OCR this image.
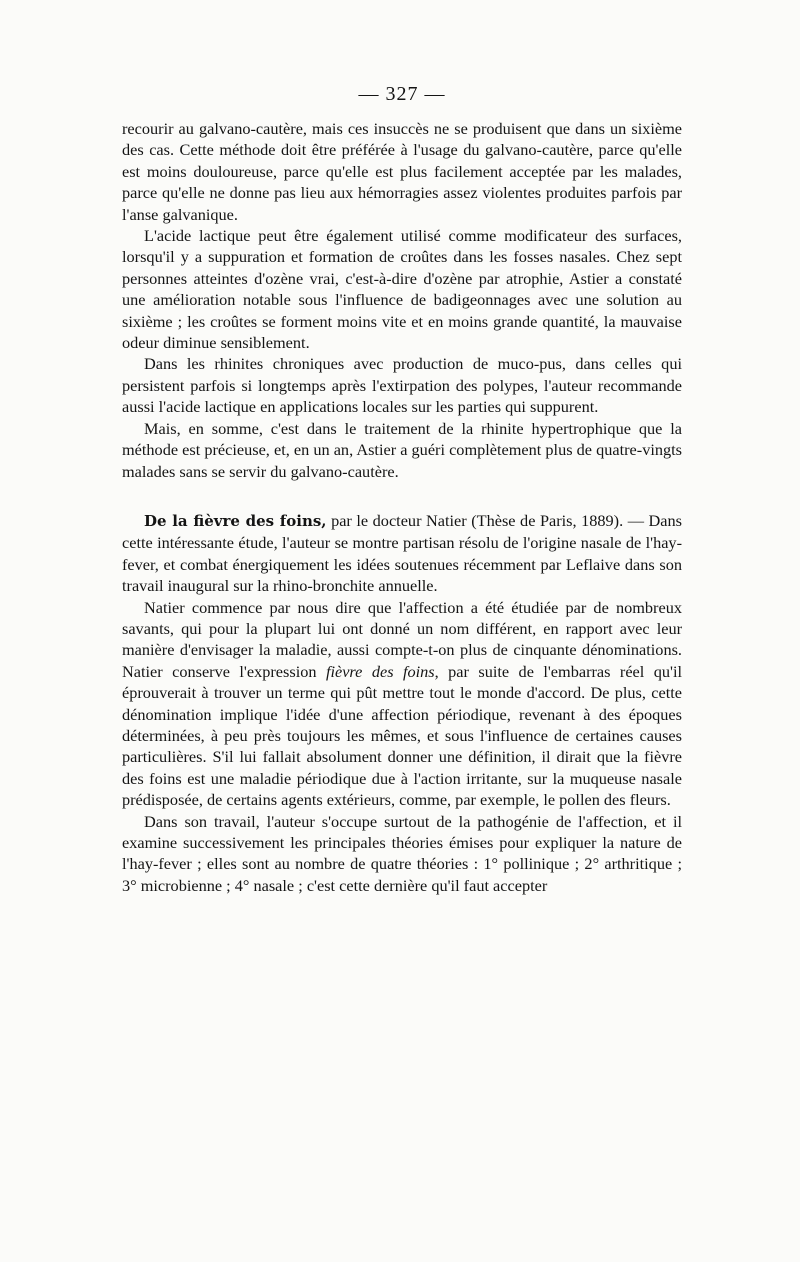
— 327 —

recourir au galvano-cautère, mais ces insuccès ne se produisent que dans un sixième des cas. Cette méthode doit être préférée à l'usage du galvano-cautère, parce qu'elle est moins douloureuse, parce qu'elle est plus facilement acceptée par les malades, parce qu'elle ne donne pas lieu aux hémorragies assez violentes produites parfois par l'anse galvanique.

L'acide lactique peut être également utilisé comme modificateur des surfaces, lorsqu'il y a suppuration et formation de croûtes dans les fosses nasales. Chez sept personnes atteintes d'ozène vrai, c'est-à-dire d'ozène par atrophie, Astier a constaté une amélioration notable sous l'influence de badigeonnages avec une solution au sixième ; les croûtes se forment moins vite et en moins grande quantité, la mauvaise odeur diminue sensiblement.

Dans les rhinites chroniques avec production de muco-pus, dans celles qui persistent parfois si longtemps après l'extirpation des polypes, l'auteur recommande aussi l'acide lactique en applications locales sur les parties qui suppurent.

Mais, en somme, c'est dans le traitement de la rhinite hypertrophique que la méthode est précieuse, et, en un an, Astier a guéri complètement plus de quatre-vingts malades sans se servir du galvano-cautère.

De la fièvre des foins, par le docteur Natier (Thèse de Paris, 1889). — Dans cette intéressante étude, l'auteur se montre partisan résolu de l'origine nasale de l'hay-fever, et combat énergiquement les idées soutenues récemment par Leflaive dans son travail inaugural sur la rhino-bronchite annuelle.

Natier commence par nous dire que l'affection a été étudiée par de nombreux savants, qui pour la plupart lui ont donné un nom différent, en rapport avec leur manière d'envisager la maladie, aussi compte-t-on plus de cinquante dénominations. Natier conserve l'expression fièvre des foins, par suite de l'embarras réel qu'il éprouverait à trouver un terme qui pût mettre tout le monde d'accord. De plus, cette dénomination implique l'idée d'une affection périodique, revenant à des époques déterminées, à peu près toujours les mêmes, et sous l'influence de certaines causes particulières. S'il lui fallait absolument donner une définition, il dirait que la fièvre des foins est une maladie périodique due à l'action irritante, sur la muqueuse nasale prédisposée, de certains agents extérieurs, comme, par exemple, le pollen des fleurs.

Dans son travail, l'auteur s'occupe surtout de la pathogénie de l'affection, et il examine successivement les principales théories émises pour expliquer la nature de l'hay-fever ; elles sont au nombre de quatre théories : 1° pollinique ; 2° arthritique ; 3° microbienne ; 4° nasale ; c'est cette dernière qu'il faut accepter
